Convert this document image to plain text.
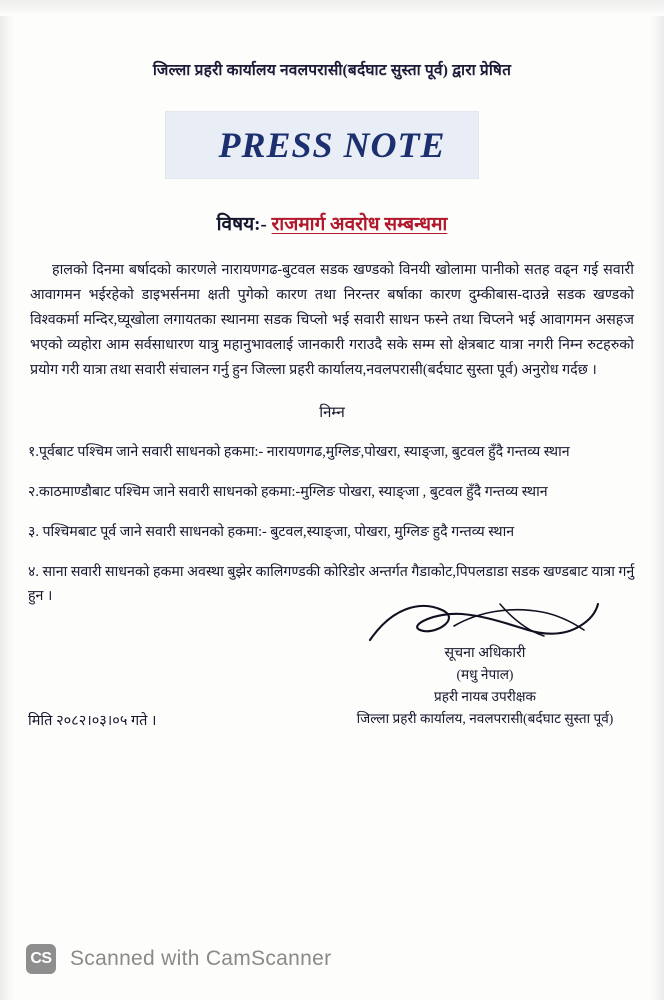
जिल्ला प्रहरी कार्यालय नवलपरासी(बर्दघाट सुस्ता पूर्व) द्वारा प्रेषित
PRESS NOTE
विषय:- राजमार्ग अवरोध सम्बन्धमा
हालको दिनमा बर्षादको कारणले नारायणगढ-बुटवल सडक खण्डको विनयी खोलामा पानीको सतह वढ्न गई सवारी आवागमन भईरहेको डाइभर्सनमा क्षती पुगेको कारण तथा निरन्तर बर्षाका कारण दुम्कीबास-दाउन्ने सडक खण्डको विश्वकर्मा मन्दिर,घ्यूखोला लगायतका स्थानमा सडक चिप्लो भई सवारी साधन फस्ने तथा चिप्लने भई आवागमन असहज भएको व्यहोरा आम सर्वसाधारण यात्रु महानुभावलाई जानकारी गराउदै सके सम्म सो क्षेत्रबाट यात्रा नगरी निम्न रुटहरुको प्रयोग गरी यात्रा तथा सवारी संचालन गर्नु हुन जिल्ला प्रहरी कार्यालय,नवलपरासी(बर्दघाट सुस्ता पूर्व) अनुरोध गर्दछ ।
निम्न
१.पूर्वबाट पश्चिम जाने सवारी साधनको हकमा:- नारायणगढ,मुग्लिङ,पोखरा, स्याङ्जा, बुटवल हुँदै गन्तव्य स्थान
२.काठमाण्डौबाट पश्चिम जाने सवारी साधनको हकमा:-मुग्लिङ पोखरा, स्याङ्जा , बुटवल हुँदै गन्तव्य स्थान
३. पश्चिमबाट पूर्व जाने सवारी साधनको हकमा:- बुटवल,स्याङ्जा, पोखरा, मुग्लिङ हुदै गन्तव्य स्थान
४. साना सवारी साधनको हकमा अवस्था बुझेर कालिगण्डकी कोरिडोर अन्तर्गत गैडाकोट,पिपलडाडा सडक खण्डबाट यात्रा गर्नु हुन ।
सूचना अधिकारी
(मधु नेपाल)
प्रहरी नायब उपरीक्षक
जिल्ला प्रहरी कार्यालय, नवलपरासी(बर्दघाट सुस्ता पूर्व)
मिति २०८२।०३।०५ गते ।
CS Scanned with CamScanner
